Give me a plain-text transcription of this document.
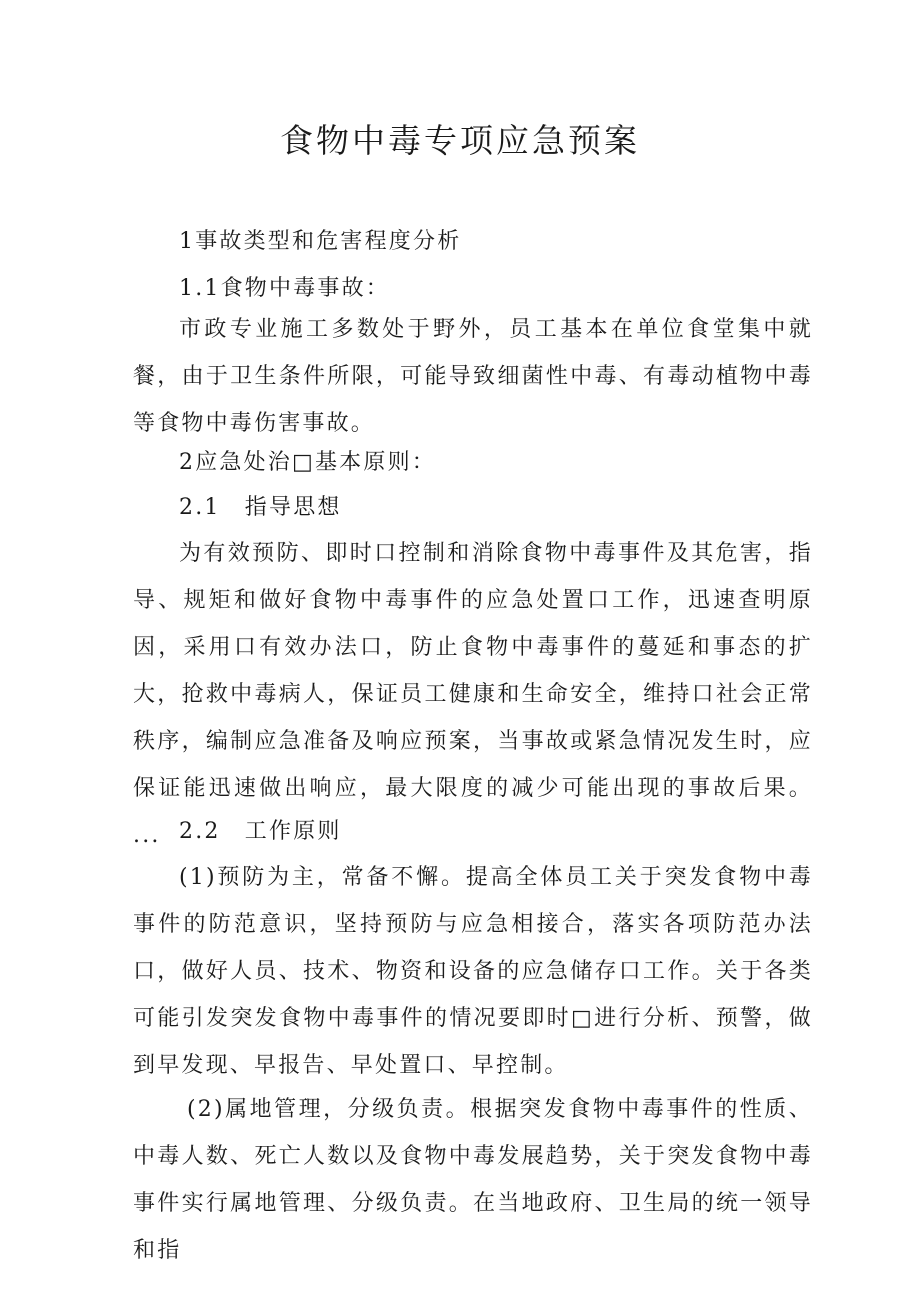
食物中毒专项应急预案

1事故类型和危害程度分析

1.1食物中毒事故：

市政专业施工多数处于野外，员工基本在单位食堂集中就餐，由于卫生条件所限，可能导致细菌性中毒、有毒动植物中毒等食物中毒伤害事故。

2应急处治□基本原则：

2.1　指导思想

为有效预防、即时口控制和消除食物中毒事件及其危害，指导、规矩和做好食物中毒事件的应急处置口工作，迅速查明原因，采用口有效办法口，防止食物中毒事件的蔓延和事态的扩大，抢救中毒病人，保证员工健康和生命安全，维持口社会正常秩序，编制应急准备及响应预案，当事故或紧急情况发生时，应保证能迅速做出响应，最大限度的减少可能出现的事故后果。 ... 2.2　工作原则

(1)预防为主，常备不懈。提高全体员工关于突发食物中毒事件的防范意识，坚持预防与应急相接合，落实各项防范办法口，做好人员、技术、物资和设备的应急储存口工作。关于各类可能引发突发食物中毒事件的情况要即时□进行分析、预警，做到早发现、早报告、早处置口、早控制。

(2)属地管理，分级负责。根据突发食物中毒事件的性质、中毒人数、死亡人数以及食物中毒发展趋势，关于突发食物中毒事件实行属地管理、分级负责。在当地政府、卫生局的统一领导和指
